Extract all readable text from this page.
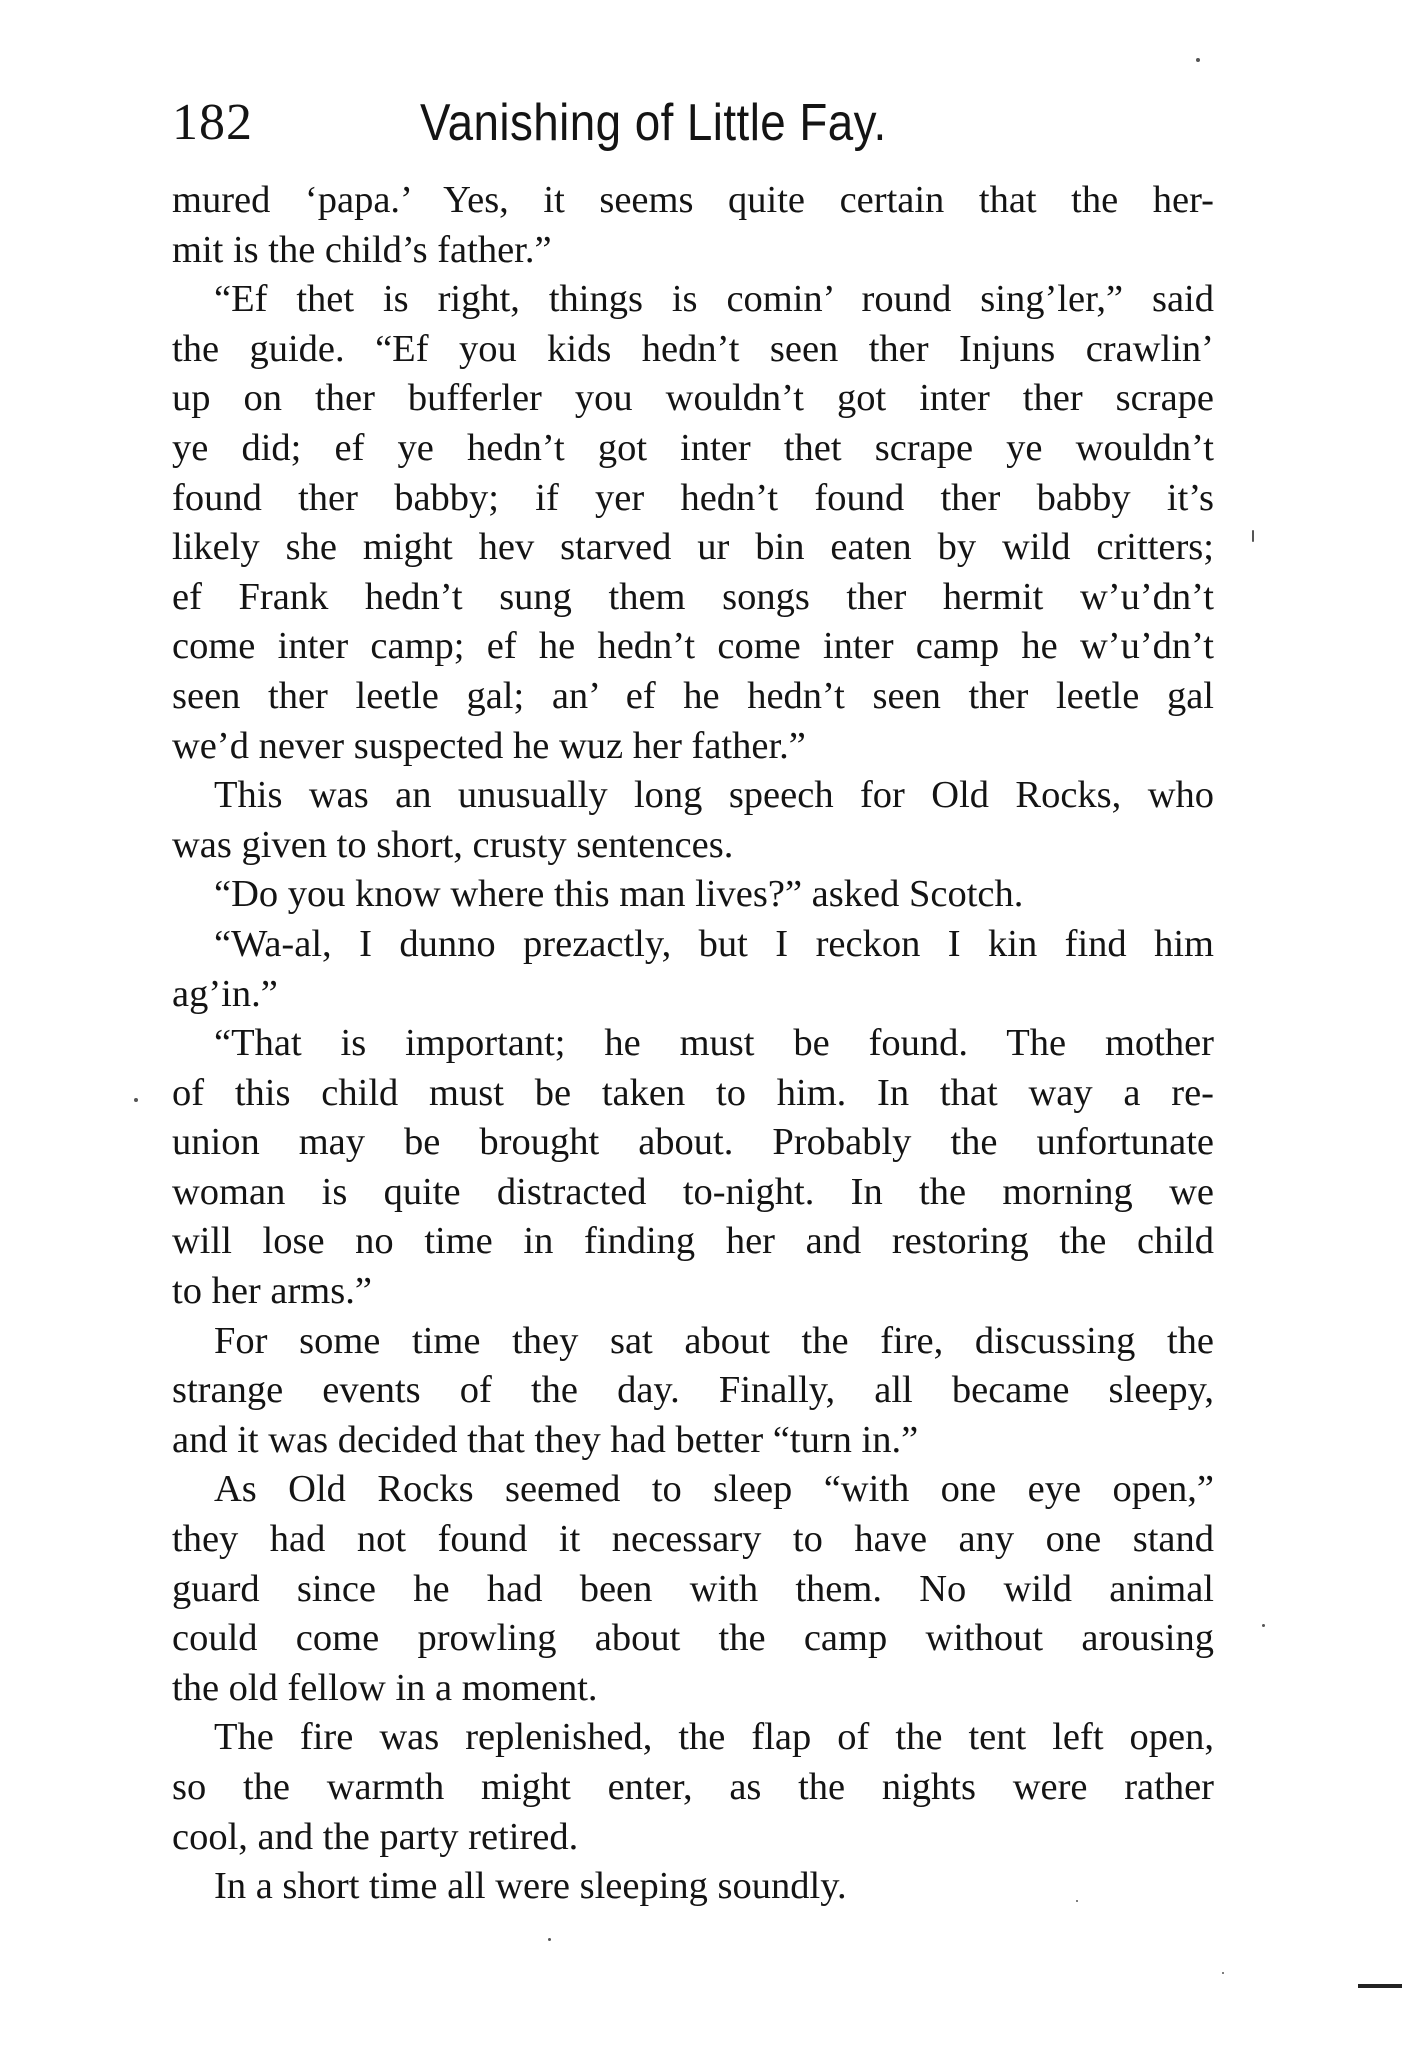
182	Vanishing of Little Fay.
mured ‘papa.’ Yes, it seems quite certain that the her-
mit is the child’s father.”
“Ef thet is right, things is comin’ round sing’ler,” said
the guide. “Ef you kids hedn’t seen ther Injuns crawlin’
up on ther bufferler you wouldn’t got inter ther scrape
ye did; ef ye hedn’t got inter thet scrape ye wouldn’t
found ther babby; if yer hedn’t found ther babby it’s
likely she might hev starved ur bin eaten by wild critters;
ef Frank hedn’t sung them songs ther hermit w’u’dn’t
come inter camp; ef he hedn’t come inter camp he w’u’dn’t
seen ther leetle gal; an’ ef he hedn’t seen ther leetle gal
we’d never suspected he wuz her father.”
This was an unusually long speech for Old Rocks, who
was given to short, crusty sentences.
“Do you know where this man lives?” asked Scotch.
“Wa-al, I dunno prezactly, but I reckon I kin find him
ag’in.”
“That is important; he must be found. The mother
of this child must be taken to him. In that way a re-
union may be brought about. Probably the unfortunate
woman is quite distracted to-night. In the morning we
will lose no time in finding her and restoring the child
to her arms.”
For some time they sat about the fire, discussing the
strange events of the day. Finally, all became sleepy,
and it was decided that they had better “turn in.”
As Old Rocks seemed to sleep “with one eye open,”
they had not found it necessary to have any one stand
guard since he had been with them. No wild animal
could come prowling about the camp without arousing
the old fellow in a moment.
The fire was replenished, the flap of the tent left open,
so the warmth might enter, as the nights were rather
cool, and the party retired.
In a short time all were sleeping soundly.
